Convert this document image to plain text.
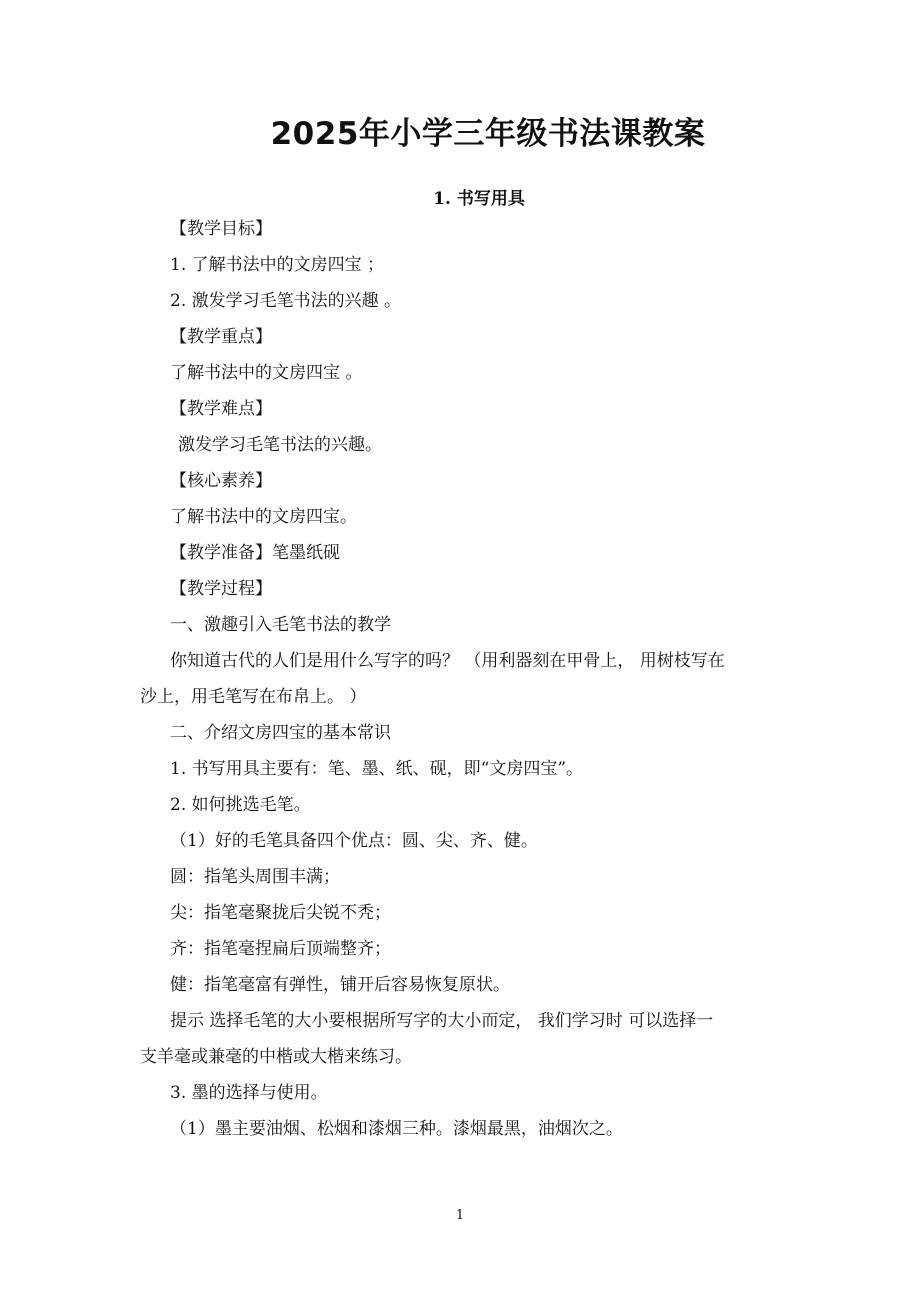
2025年小学三年级书法课教案
1. 书写用具
【教学目标】
1. 了解书法中的文房四宝 ；
2. 激发学习毛笔书法的兴趣 。
【教学重点】
了解书法中的文房四宝 。
【教学难点】
激发学习毛笔书法的兴趣。
【核心素养】
了解书法中的文房四宝。
【教学准备】笔墨纸砚
【教学过程】
一、激趣引入毛笔书法的教学
你知道古代的人们是用什么写字的吗？ （用利器刻在甲骨上， 用树枝写在
沙上，用毛笔写在布帛上。 ）
二、介绍文房四宝的基本常识
1. 书写用具主要有：笔、墨、纸、砚，即“文房四宝”。
2. 如何挑选毛笔。
（1）好的毛笔具备四个优点：圆、尖、齐、健。
圆：指笔头周围丰满；
尖：指笔毫聚拢后尖锐不秃；
齐：指笔毫捏扁后顶端整齐；
健：指笔毫富有弹性，铺开后容易恢复原状。
提示 选择毛笔的大小要根据所写字的大小而定， 我们学习时 可以选择一
支羊毫或兼毫的中楷或大楷来练习。
3. 墨的选择与使用。
（1）墨主要油烟、松烟和漆烟三种。漆烟最黑，油烟次之。
1
